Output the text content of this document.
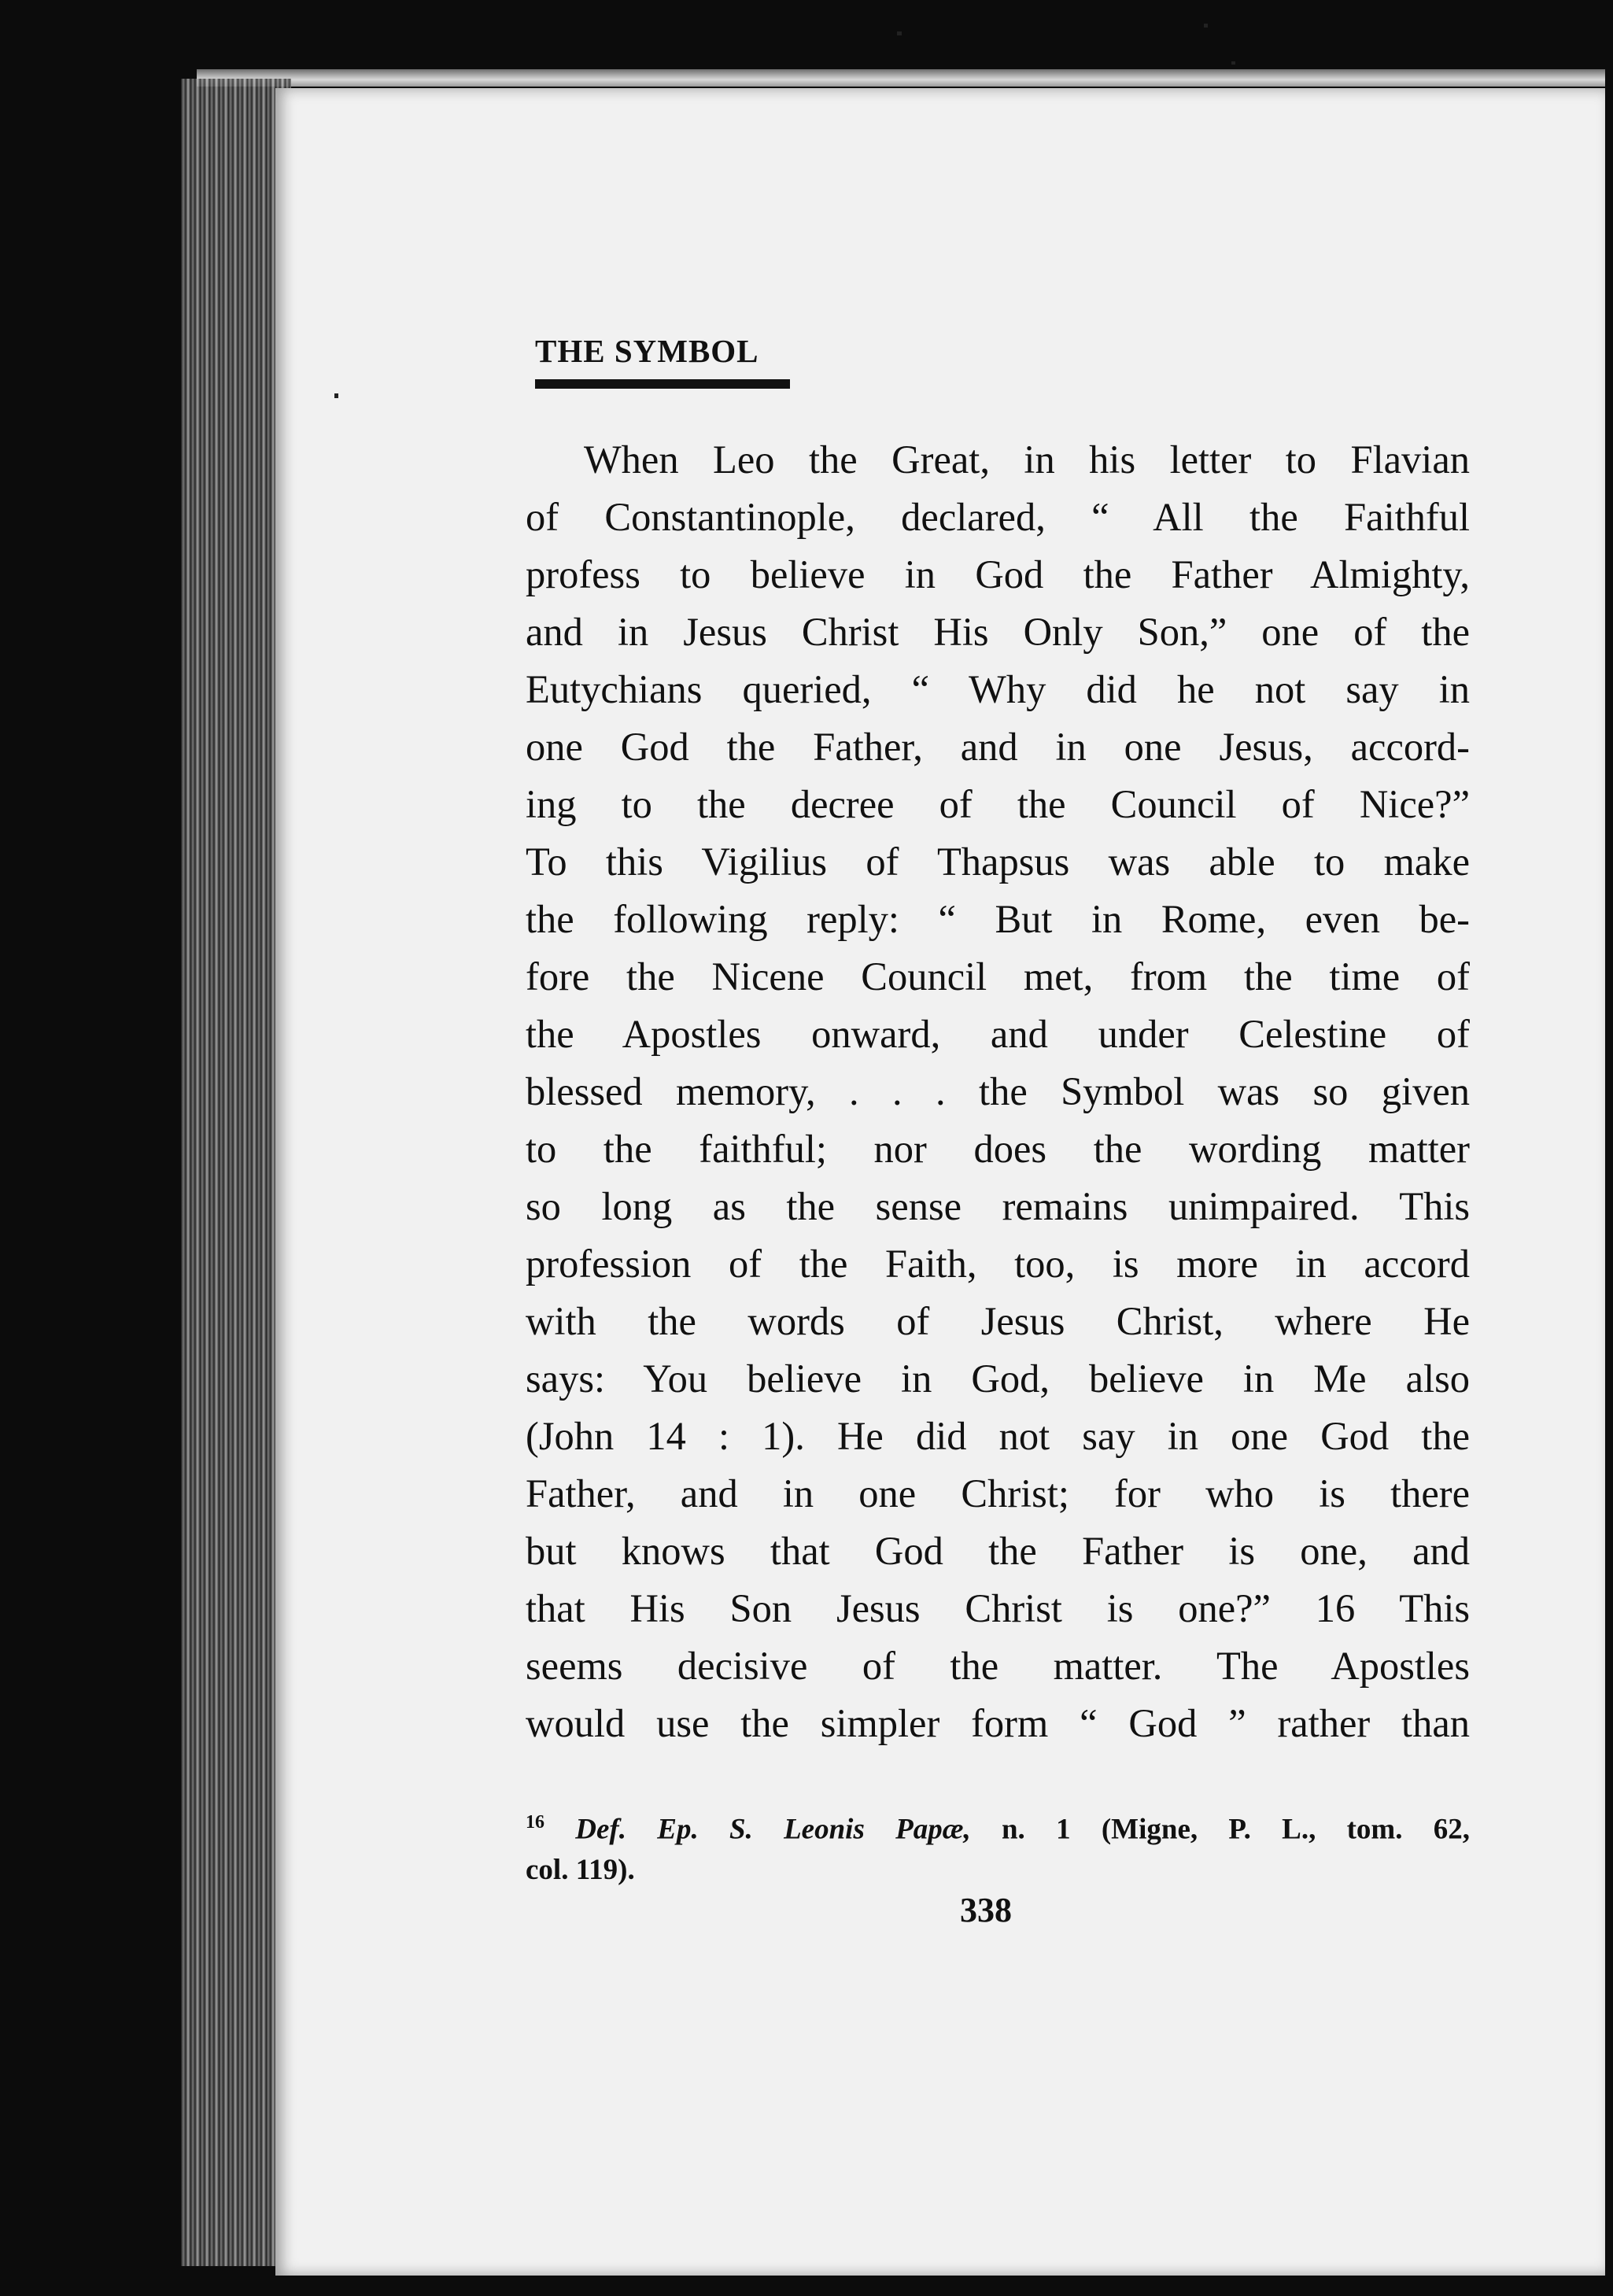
THE SYMBOL
When Leo the Great, in his letter to Flavian
of Constantinople, declared, “ All the Faithful
profess to believe in God the Father Almighty,
and in Jesus Christ His Only Son,” one of the
Eutychians queried, “ Why did he not say in
one God the Father, and in one Jesus, accord-
ing to the decree of the Council of Nice?”
To this Vigilius of Thapsus was able to make
the following reply: “ But in Rome, even be-
fore the Nicene Council met, from the time of
the Apostles onward, and under Celestine of
blessed memory, . . . the Symbol was so given
to the faithful; nor does the wording matter
so long as the sense remains unimpaired. This
profession of the Faith, too, is more in accord
with the words of Jesus Christ, where He
says: You believe in God, believe in Me also
(John 14 : 1). He did not say in one God the
Father, and in one Christ; for who is there
but knows that God the Father is one, and
that His Son Jesus Christ is one?” 16 This
seems decisive of the matter. The Apostles
would use the simpler form “ God ” rather than
$^{16}$ Def. Ep. S. Leonis Papæ, n. 1 (Migne, P. L., tom. 62,
col. 119).
338
